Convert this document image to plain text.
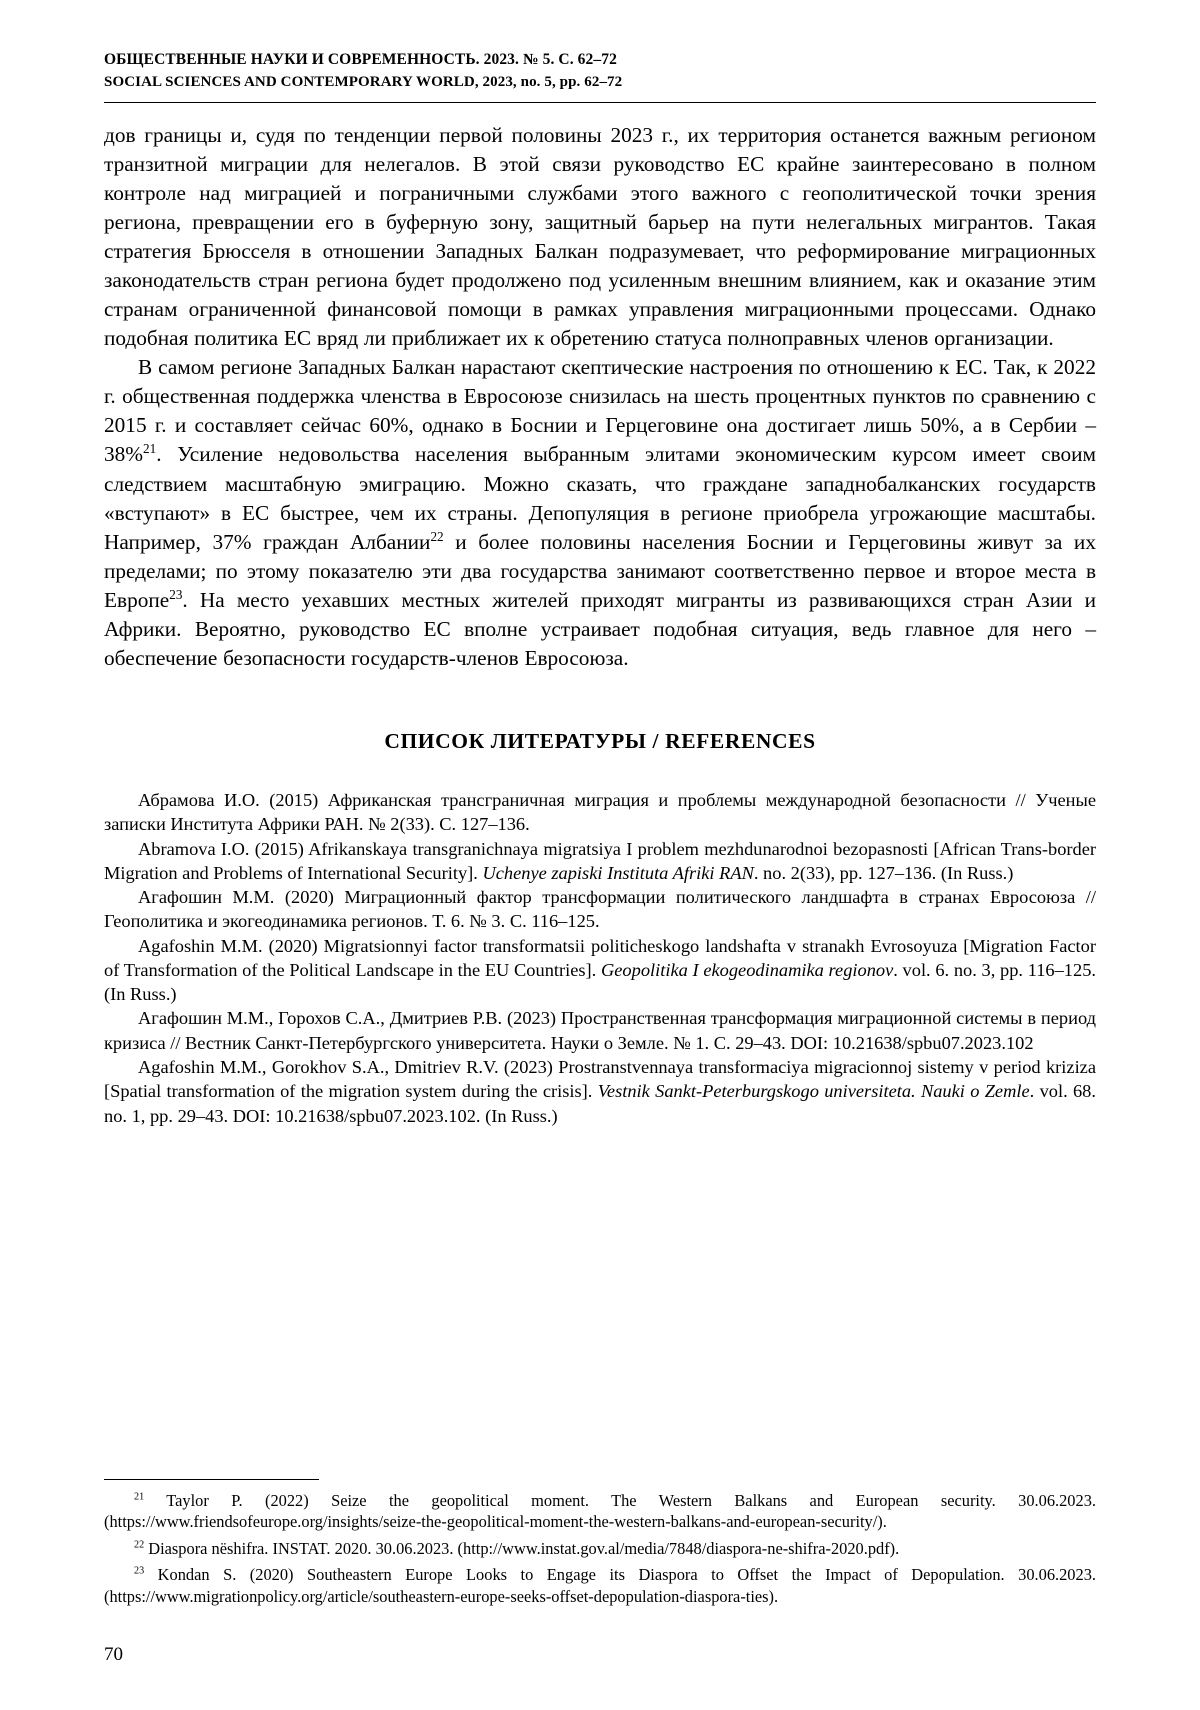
ОБЩЕСТВЕННЫЕ НАУКИ И СОВРЕМЕННОСТЬ. 2023. № 5. С. 62–72
SOCIAL SCIENCES AND CONTEMPORARY WORLD, 2023, no. 5, pp. 62–72

дов границы и, судя по тенденции первой половины 2023 г., их территория останется важным регионом транзитной миграции для нелегалов. В этой связи руководство ЕС крайне заинтересовано в полном контроле над миграцией и пограничными службами этого важного с геополитической точки зрения региона, превращении его в буферную зону, защитный барьер на пути нелегальных мигрантов. Такая стратегия Брюсселя в отношении Западных Балкан подразумевает, что реформирование миграционных законодательств стран региона будет продолжено под усиленным внешним влиянием, как и оказание этим странам ограниченной финансовой помощи в рамках управления миграционными процессами. Однако подобная политика ЕС вряд ли приближает их к обретению статуса полноправных членов организации.

В самом регионе Западных Балкан нарастают скептические настроения по отношению к ЕС. Так, к 2022 г. общественная поддержка членства в Евросоюзе снизилась на шесть процентных пунктов по сравнению с 2015 г. и составляет сейчас 60%, однако в Боснии и Герцеговине она достигает лишь 50%, а в Сербии – 38%$^{21}$. Усиление недовольства населения выбранным элитами экономическим курсом имеет своим следствием масштабную эмиграцию. Можно сказать, что граждане западнобалканских государств «вступают» в ЕС быстрее, чем их страны. Депопуляция в регионе приобрела угрожающие масштабы. Например, 37% граждан Албании$^{22}$ и более половины населения Боснии и Герцеговины живут за их пределами; по этому показателю эти два государства занимают соответственно первое и второе места в Европе$^{23}$. На место уехавших местных жителей приходят мигранты из развивающихся стран Азии и Африки. Вероятно, руководство ЕС вполне устраивает подобная ситуация, ведь главное для него – обеспечение безопасности государств-членов Евросоюза.

СПИСОК ЛИТЕРАТУРЫ / REFERENCES

Абрамова И.О. (2015) Африканская трансграничная миграция и проблемы международной безопасности // Ученые записки Института Африки РАН. № 2(33). С. 127–136.

Abramova I.O. (2015) Afrikanskaya transgranichnaya migratsiya I problem mezhdunarodnoi bezopasnosti [African Trans-border Migration and Problems of International Security]. Uchenye zapiski Instituta Afriki RAN. no. 2(33), pp. 127–136. (In Russ.)

Агафошин М.М. (2020) Миграционный фактор трансформации политического ландшафта в странах Евросоюза // Геополитика и экогеодинамика регионов. Т. 6. № 3. С. 116–125.

Agafoshin M.M. (2020) Migratsionnyi factor transformatsii politicheskogo landshafta v stranakh Evrosoyuza [Migration Factor of Transformation of the Political Landscape in the EU Countries]. Geopolitika I ekogeodinamika regionov. vol. 6. no. 3, pp. 116–125. (In Russ.)

Агафошин М.М., Горохов С.А., Дмитриев Р.В. (2023) Пространственная трансформация миграционной системы в период кризиса // Вестник Санкт-Петербургского университета. Науки о Земле. № 1. С. 29–43. DOI: 10.21638/spbu07.2023.102

Agafoshin M.M., Gorokhov S.A., Dmitriev R.V. (2023) Prostranstvennaya transformaciya migracionnoj sistemy v period kriziza [Spatial transformation of the migration system during the crisis]. Vestnik Sankt-Peterburgskogo universiteta. Nauki o Zemle. vol. 68. no. 1, pp. 29–43. DOI: 10.21638/spbu07.2023.102. (In Russ.)

$^{21}$ Taylor P. (2022) Seize the geopolitical moment. The Western Balkans and European security. 30.06.2023. (https://www.friendsofeurope.org/insights/seize-the-geopolitical-moment-the-western-balkans-and-european-security/).

$^{22}$ Diaspora nëshifra. INSTAT. 2020. 30.06.2023. (http://www.instat.gov.al/media/7848/diaspora-ne-shifra-2020.pdf).

$^{23}$ Kondan S. (2020) Southeastern Europe Looks to Engage its Diaspora to Offset the Impact of Depopulation. 30.06.2023. (https://www.migrationpolicy.org/article/southeastern-europe-seeks-offset-depopulation-diaspora-ties).

70
